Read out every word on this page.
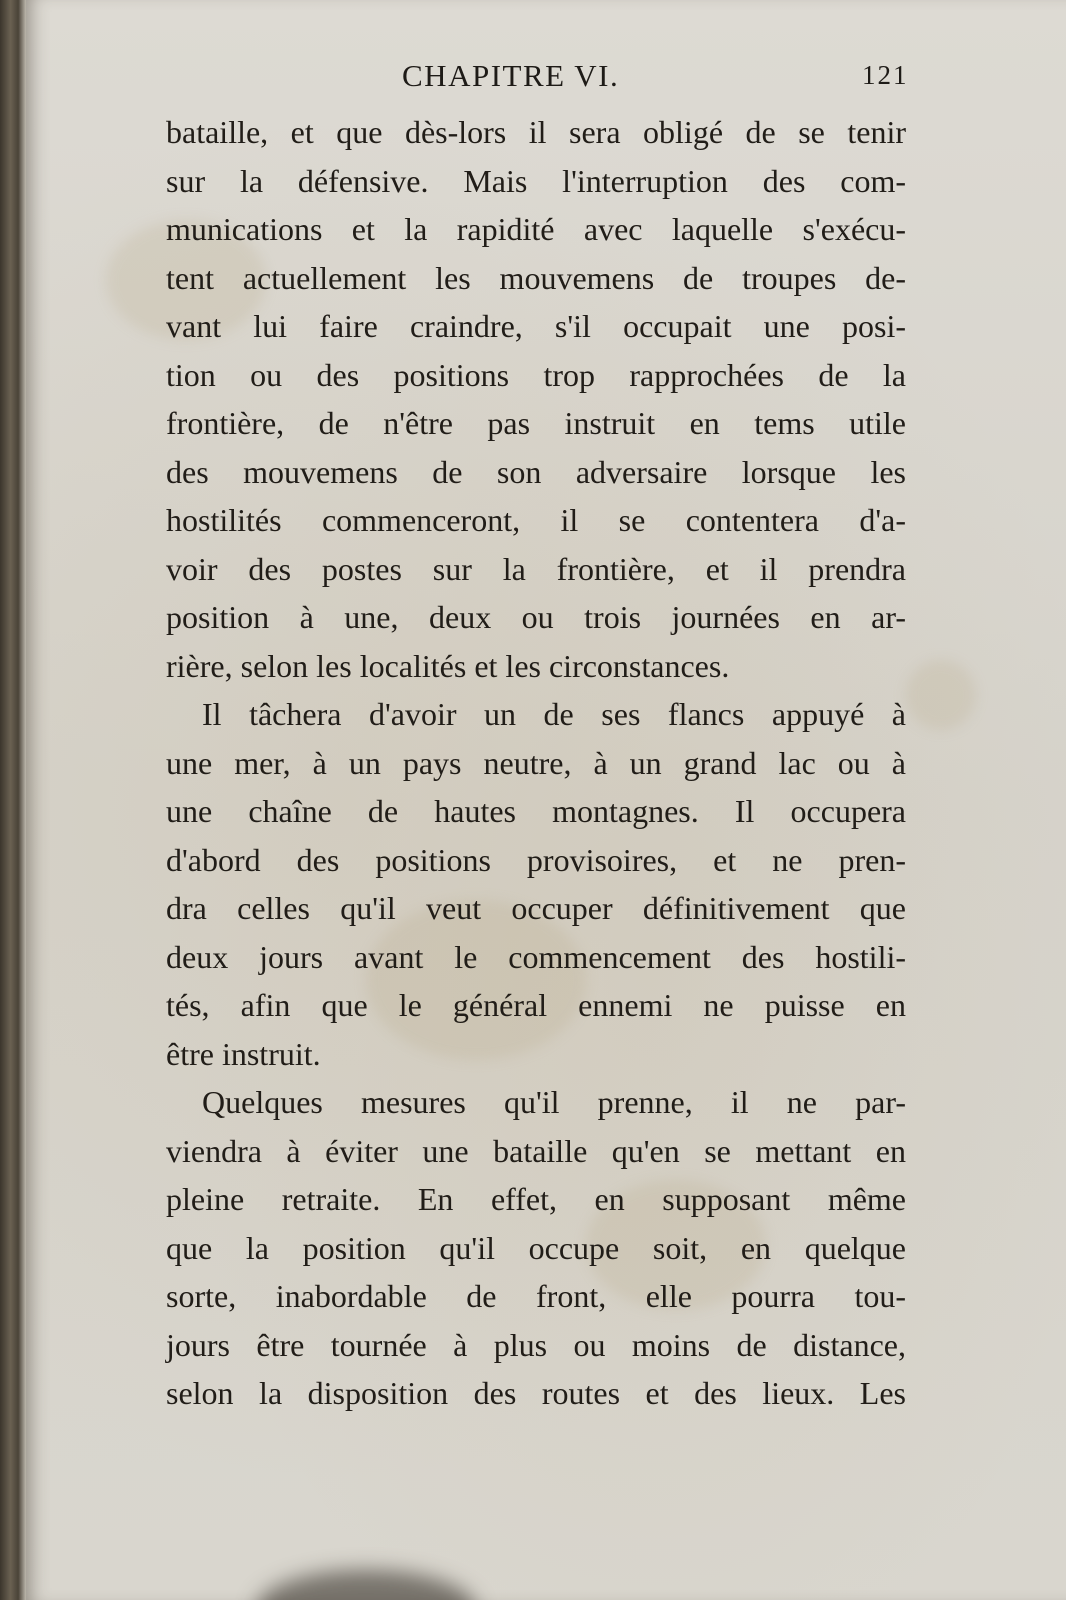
CHAPITRE VI.	121
bataille, et que dès-lors il sera obligé de se tenir
sur la défensive. Mais l'interruption des com-
munications et la rapidité avec laquelle s'exécu-
tent actuellement les mouvemens de troupes de-
vant lui faire craindre, s'il occupait une posi-
tion ou des positions trop rapprochées de la
frontière, de n'être pas instruit en tems utile
des mouvemens de son adversaire lorsque les
hostilités commenceront, il se contentera d'a-
voir des postes sur la frontière, et il prendra
position à une, deux ou trois journées en ar-
rière, selon les localités et les circonstances.
Il tâchera d'avoir un de ses flancs appuyé à
une mer, à un pays neutre, à un grand lac ou à
une chaîne de hautes montagnes. Il occupera
d'abord des positions provisoires, et ne pren-
dra celles qu'il veut occuper définitivement que
deux jours avant le commencement des hostili-
tés, afin que le général ennemi ne puisse en
être instruit.
Quelques mesures qu'il prenne, il ne par-
viendra à éviter une bataille qu'en se mettant en
pleine retraite. En effet, en supposant même
que la position qu'il occupe soit, en quelque
sorte, inabordable de front, elle pourra tou-
jours être tournée à plus ou moins de distance,
selon la disposition des routes et des lieux. Les
